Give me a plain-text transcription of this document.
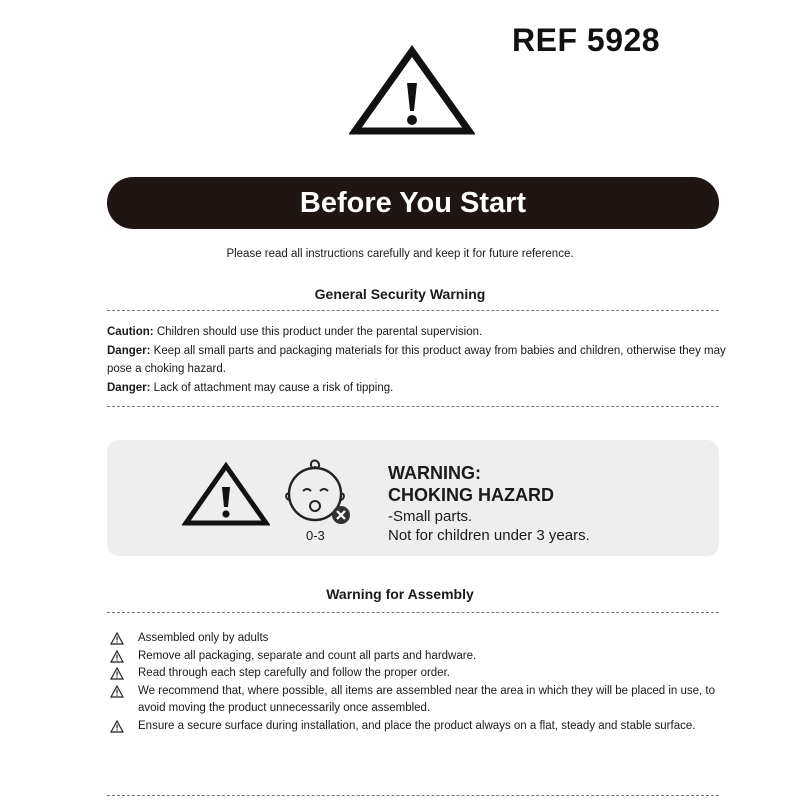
REF 5928
Before You Start
Please read all instructions carefully and keep it for future reference.
General Security Warning
Caution: Children should use this product under the parental supervision.
Danger: Keep all small parts and packaging materials for this product away from babies and children, otherwise they may pose a choking hazard.
Danger: Lack of attachment may cause a risk of tipping.
0-3
WARNING:
CHOKING HAZARD
-Small parts.
Not for children under 3 years.
Warning for Assembly
Assembled only by adults
Remove all packaging, separate and count all parts and hardware.
Read through each step carefully and follow the proper order.
We recommend that, where possible, all items are assembled near the area in which they will be placed in use, to avoid moving the product unnecessarily once assembled.
Ensure a secure surface during installation, and place the product always on a flat, steady and stable surface.
